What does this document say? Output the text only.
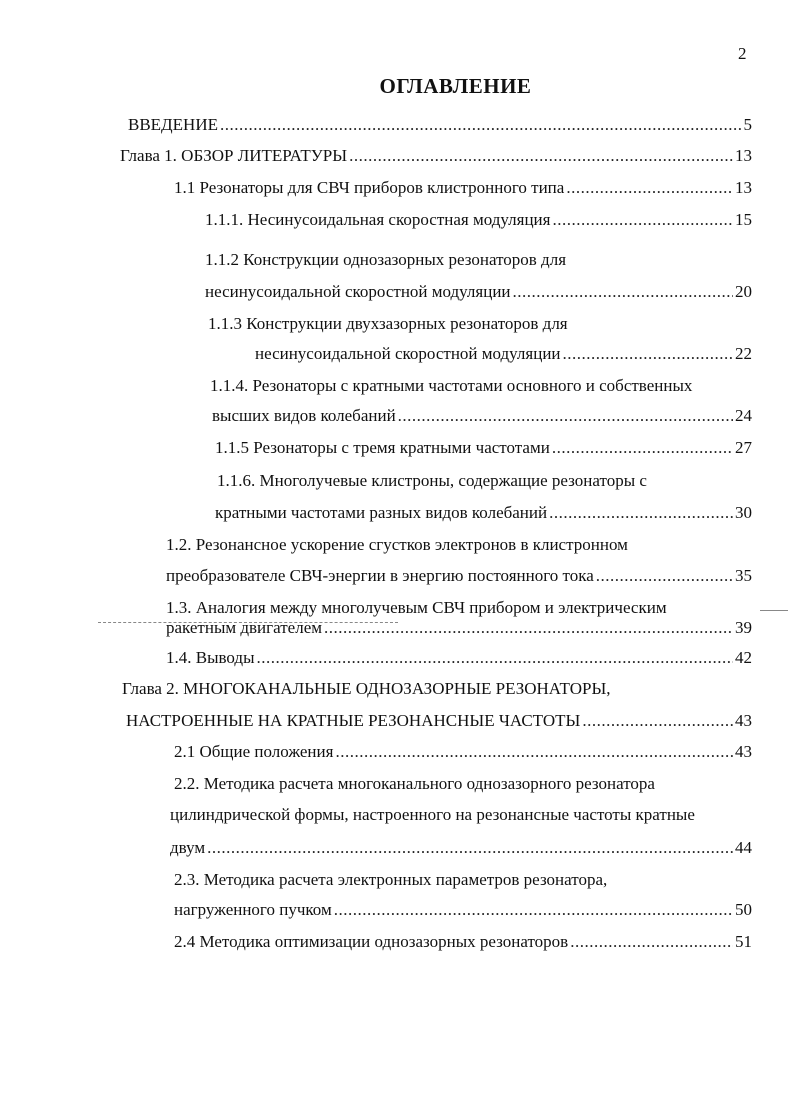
2
ОГЛАВЛЕНИЕ
ВВЕДЕНИЕ .....	5
Глава 1. ОБЗОР ЛИТЕРАТУРЫ .....	13
1.1 Резонаторы для СВЧ приборов клистронного типа .....	13
1.1.1. Несинусоидальная скоростная модуляция .....	15
1.1.2 Конструкции однозазорных резонаторов для
несинусоидальной скоростной модуляции .....	20
1.1.3 Конструкции двухзазорных резонаторов для
несинусоидальной скоростной модуляции .....	22
1.1.4. Резонаторы с кратными частотами основного и собственных
высших видов колебаний .....	24
1.1.5 Резонаторы с тремя кратными частотами .....	27
1.1.6. Многолучевые клистроны, содержащие резонаторы с
кратными частотами разных видов колебаний .....	30
1.2. Резонансное ускорение сгустков электронов в клистронном
преобразователе СВЧ-энергии в энергию постоянного тока .....	35
1.3. Аналогия между многолучевым СВЧ прибором и электрическим
ракетным двигателем .....	39
1.4. Выводы .....	42
Глава 2. МНОГОКАНАЛЬНЫЕ ОДНОЗАЗОРНЫЕ РЕЗОНАТОРЫ,
НАСТРОЕННЫЕ НА КРАТНЫЕ РЕЗОНАНСНЫЕ ЧАСТОТЫ .....	43
2.1 Общие положения .....	43
2.2. Методика расчета многоканального однозазорного резонатора
цилиндрической формы, настроенного на резонансные частоты кратные
двум .....	44
2.3. Методика расчета электронных параметров резонатора,
нагруженного пучком .....	50
2.4 Методика оптимизации однозазорных резонаторов .....	51
